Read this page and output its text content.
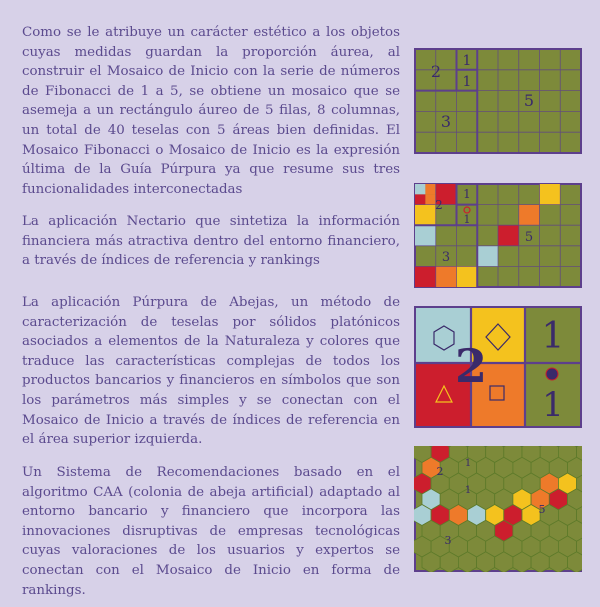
Como se le atribuye un carácter estético a los objetos cuyas medidas guardan la proporción áurea, al construir el Mosaico de Inicio con la serie de números de Fibonacci de 1 a 5, se obtiene un mosaico que se asemeja a un rectángulo áureo de 5 filas, 8 columnas, un total de 40 teselas con 5 áreas bien definidas. El Mosaico Fibonacci o Mosaico de Inicio es la expresión última de la Guía Púrpura ya que resume sus tres funcionalidades interconectadas

La aplicación Nectario que sintetiza la información financiera más atractiva dentro del entorno financiero, a través de índices de referencia y rankings

La aplicación Púrpura de Abejas, un método de caracterización de teselas por sólidos platónicos asociados a elementos de la Naturaleza y colores que traduce las características complejas de todos los productos bancarios y financieros en símbolos que son los parámetros más simples y se conectan con el Mosaico de Inicio a través de índices de referencia en el área superior izquierda.

Un Sistema de Recomendaciones basado en el algoritmo CAA (colonia de abeja artificial) adaptado al entorno bancario y financiero que incorpora las innovaciones disruptivas de empresas tecnológicas cuyas valoraciones de los usuarios y expertos se conectan con el Mosaico de Inicio en forma de rankings.

2
1
1
5
3
2
1
1
5
3
2
1
1
2
1
1
5
3
